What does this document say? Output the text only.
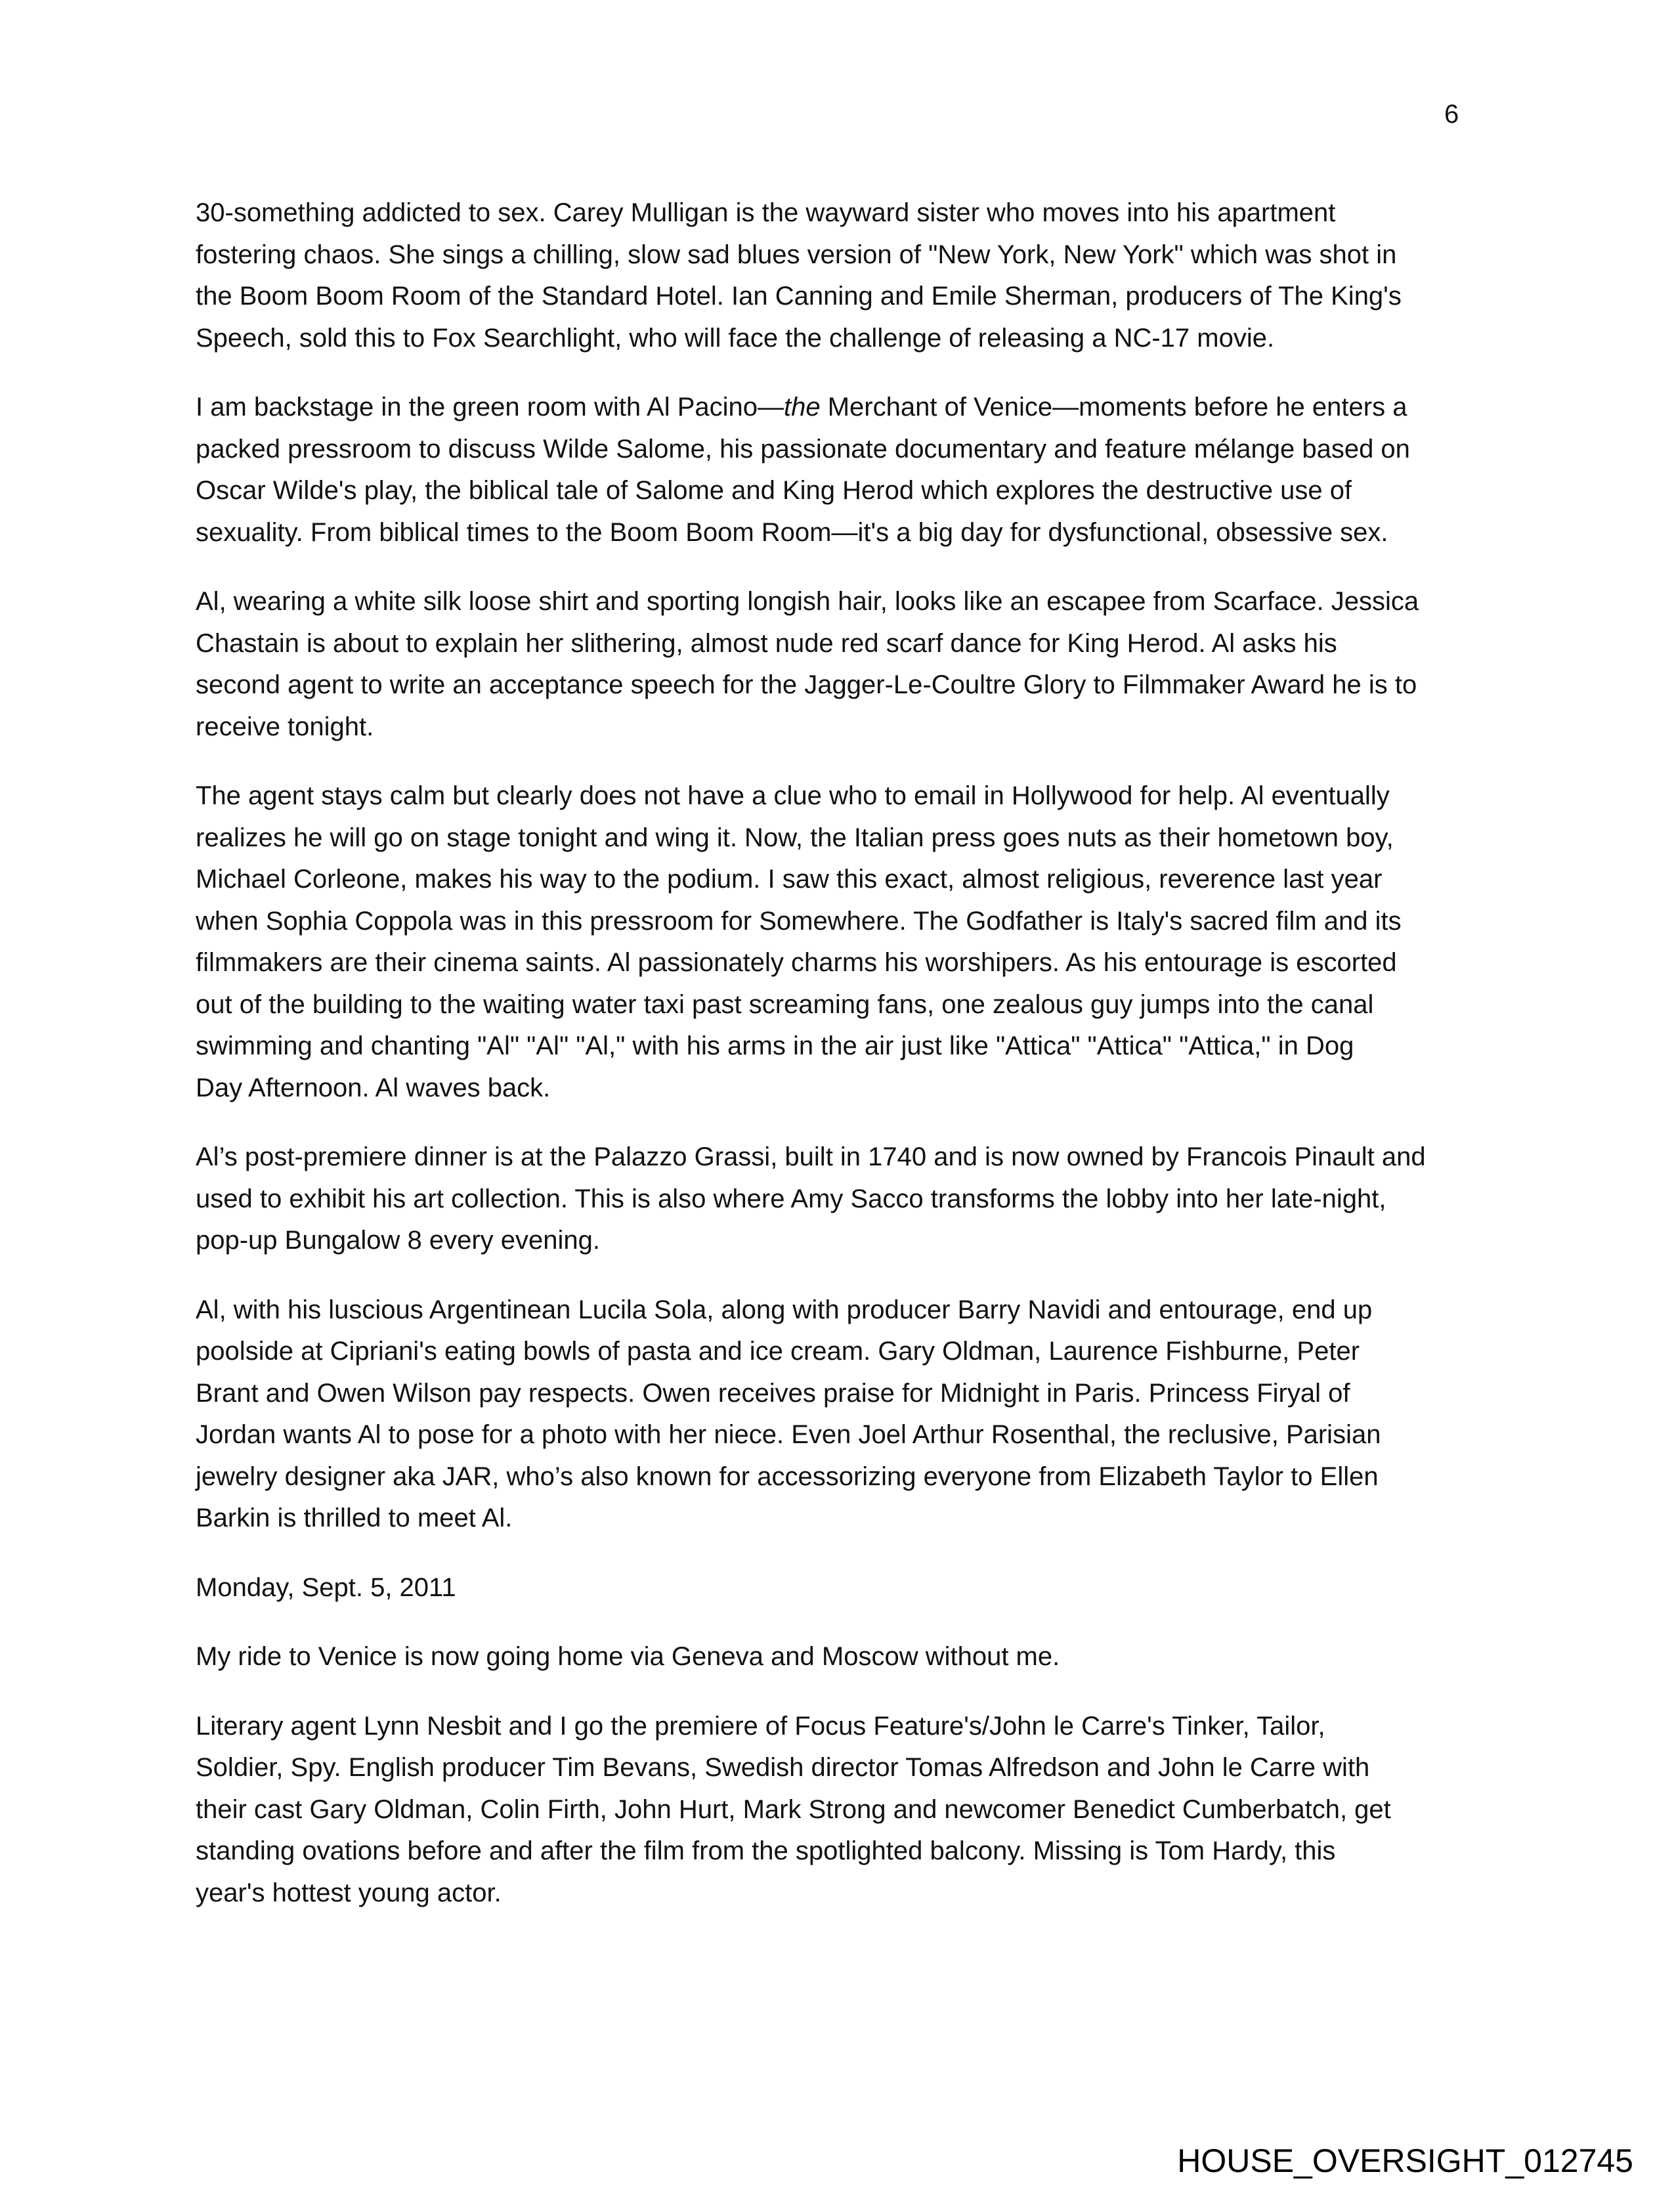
6
30-something addicted to sex. Carey Mulligan is the wayward sister who moves into his apartment
fostering chaos. She sings a chilling, slow sad blues version of "New York, New York" which was shot in
the Boom Boom Room of the Standard Hotel. Ian Canning and Emile Sherman, producers of The King's
Speech, sold this to Fox Searchlight, who will face the challenge of releasing a NC-17 movie.
I am backstage in the green room with Al Pacino—the Merchant of Venice—moments before he enters a
packed pressroom to discuss Wilde Salome, his passionate documentary and feature mélange based on
Oscar Wilde's play, the biblical tale of Salome and King Herod which explores the destructive use of
sexuality. From biblical times to the Boom Boom Room—it's a big day for dysfunctional, obsessive sex.
Al, wearing a white silk loose shirt and sporting longish hair, looks like an escapee from Scarface. Jessica
Chastain is about to explain her slithering, almost nude red scarf dance for King Herod. Al asks his
second agent to write an acceptance speech for the Jagger-Le-Coultre Glory to Filmmaker Award he is to
receive tonight.
The agent stays calm but clearly does not have a clue who to email in Hollywood for help. Al eventually
realizes he will go on stage tonight and wing it. Now, the Italian press goes nuts as their hometown boy,
Michael Corleone, makes his way to the podium. I saw this exact, almost religious, reverence last year
when Sophia Coppola was in this pressroom for Somewhere. The Godfather is Italy's sacred film and its
filmmakers are their cinema saints. Al passionately charms his worshipers. As his entourage is escorted
out of the building to the waiting water taxi past screaming fans, one zealous guy jumps into the canal
swimming and chanting "Al" "Al" "Al," with his arms in the air just like "Attica" "Attica" "Attica," in Dog
Day Afternoon. Al waves back.
Al’s post-premiere dinner is at the Palazzo Grassi, built in 1740 and is now owned by Francois Pinault and
used to exhibit his art collection. This is also where Amy Sacco transforms the lobby into her late-night,
pop-up Bungalow 8 every evening.
Al, with his luscious Argentinean Lucila Sola, along with producer Barry Navidi and entourage, end up
poolside at Cipriani's eating bowls of pasta and ice cream. Gary Oldman, Laurence Fishburne, Peter
Brant and Owen Wilson pay respects. Owen receives praise for Midnight in Paris. Princess Firyal of
Jordan wants Al to pose for a photo with her niece. Even Joel Arthur Rosenthal, the reclusive, Parisian
jewelry designer aka JAR, who’s also known for accessorizing everyone from Elizabeth Taylor to Ellen
Barkin is thrilled to meet Al.
Monday, Sept. 5, 2011
My ride to Venice is now going home via Geneva and Moscow without me.
Literary agent Lynn Nesbit and I go the premiere of Focus Feature's/John le Carre's Tinker, Tailor,
Soldier, Spy. English producer Tim Bevans, Swedish director Tomas Alfredson and John le Carre with
their cast Gary Oldman, Colin Firth, John Hurt, Mark Strong and newcomer Benedict Cumberbatch, get
standing ovations before and after the film from the spotlighted balcony. Missing is Tom Hardy, this
year's hottest young actor.
HOUSE_OVERSIGHT_012745
